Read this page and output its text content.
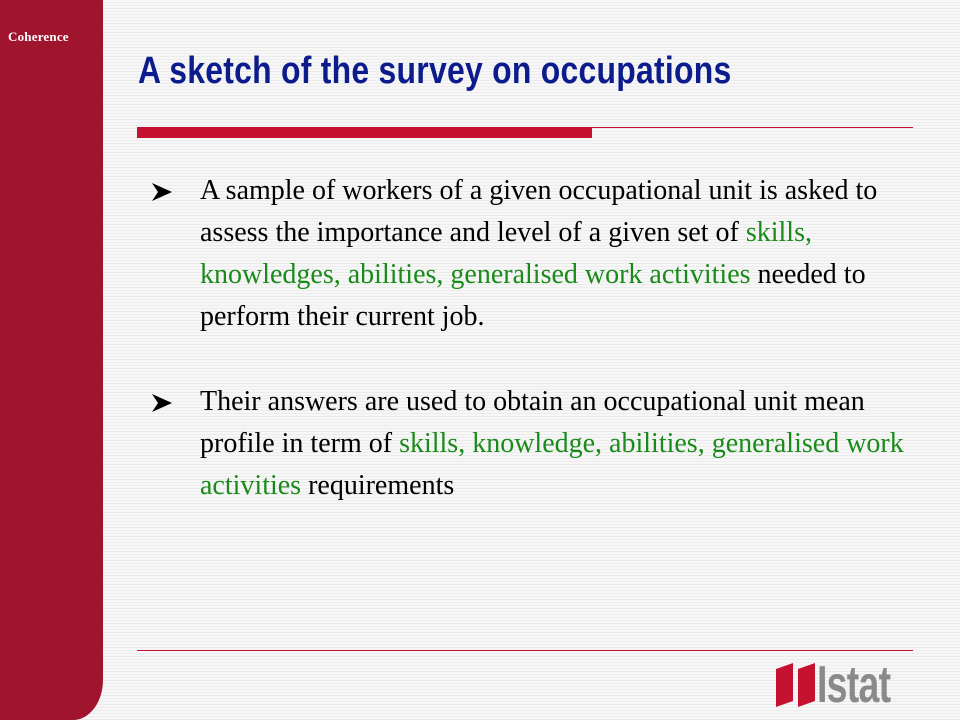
Coherence
A sketch of the survey on occupations
A sample of workers of a given occupational unit is asked to assess the importance and level of a given set of skills, knowledges, abilities, generalised work activities needed to perform their current job.
Their answers are used to obtain an occupational unit mean profile in term of skills, knowledge, abilities, generalised work activities requirements
Istat
